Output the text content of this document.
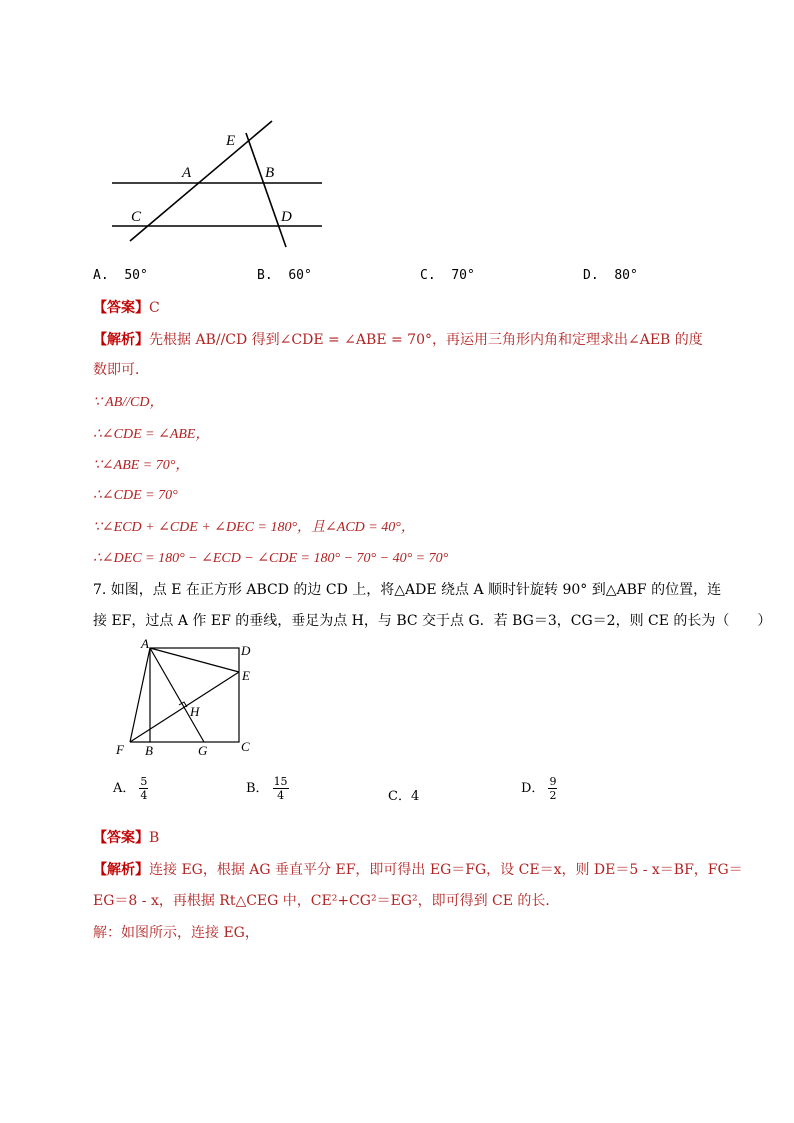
E
A	B
C	D
A. 50°	B. 60°	C. 70°	D. 80°
【答案】C
【解析】先根据 AB//CD 得到∠CDE = ∠ABE = 70°，再运用三角形内角和定理求出∠AEB 的度
数即可．
∵ AB//CD，
∴∠CDE = ∠ABE，
∵∠ABE = 70°，
∴∠CDE = 70°
∵∠ECD + ∠CDE + ∠DEC = 180°，且∠ACD = 40°，
∴∠DEC = 180° − ∠ECD − ∠CDE = 180° − 70° − 40° = 70°
7. 如图，点 E 在正方形 ABCD 的边 CD 上，将△ADE 绕点 A 顺时针旋转 90° 到△ABF 的位置，连
接 EF，过点 A 作 EF 的垂线，垂足为点 H，与 BC 交于点 G．若 BG＝3，CG＝2，则 CE 的长为（　　）
A	D
E
H
F B	G	C
A． $\frac{5}{4}$	B． $\frac{15}{4}$	C．4
D． $\frac{9}{2}$
【答案】B
【解析】连接 EG，根据 AG 垂直平分 EF，即可得出 EG＝FG，设 CE＝x，则 DE＝5 - x＝BF，FG＝
EG＝8 - x，再根据 Rt△CEG 中，CE²+CG²＝EG²，即可得到 CE 的长．
解：如图所示，连接 EG，
